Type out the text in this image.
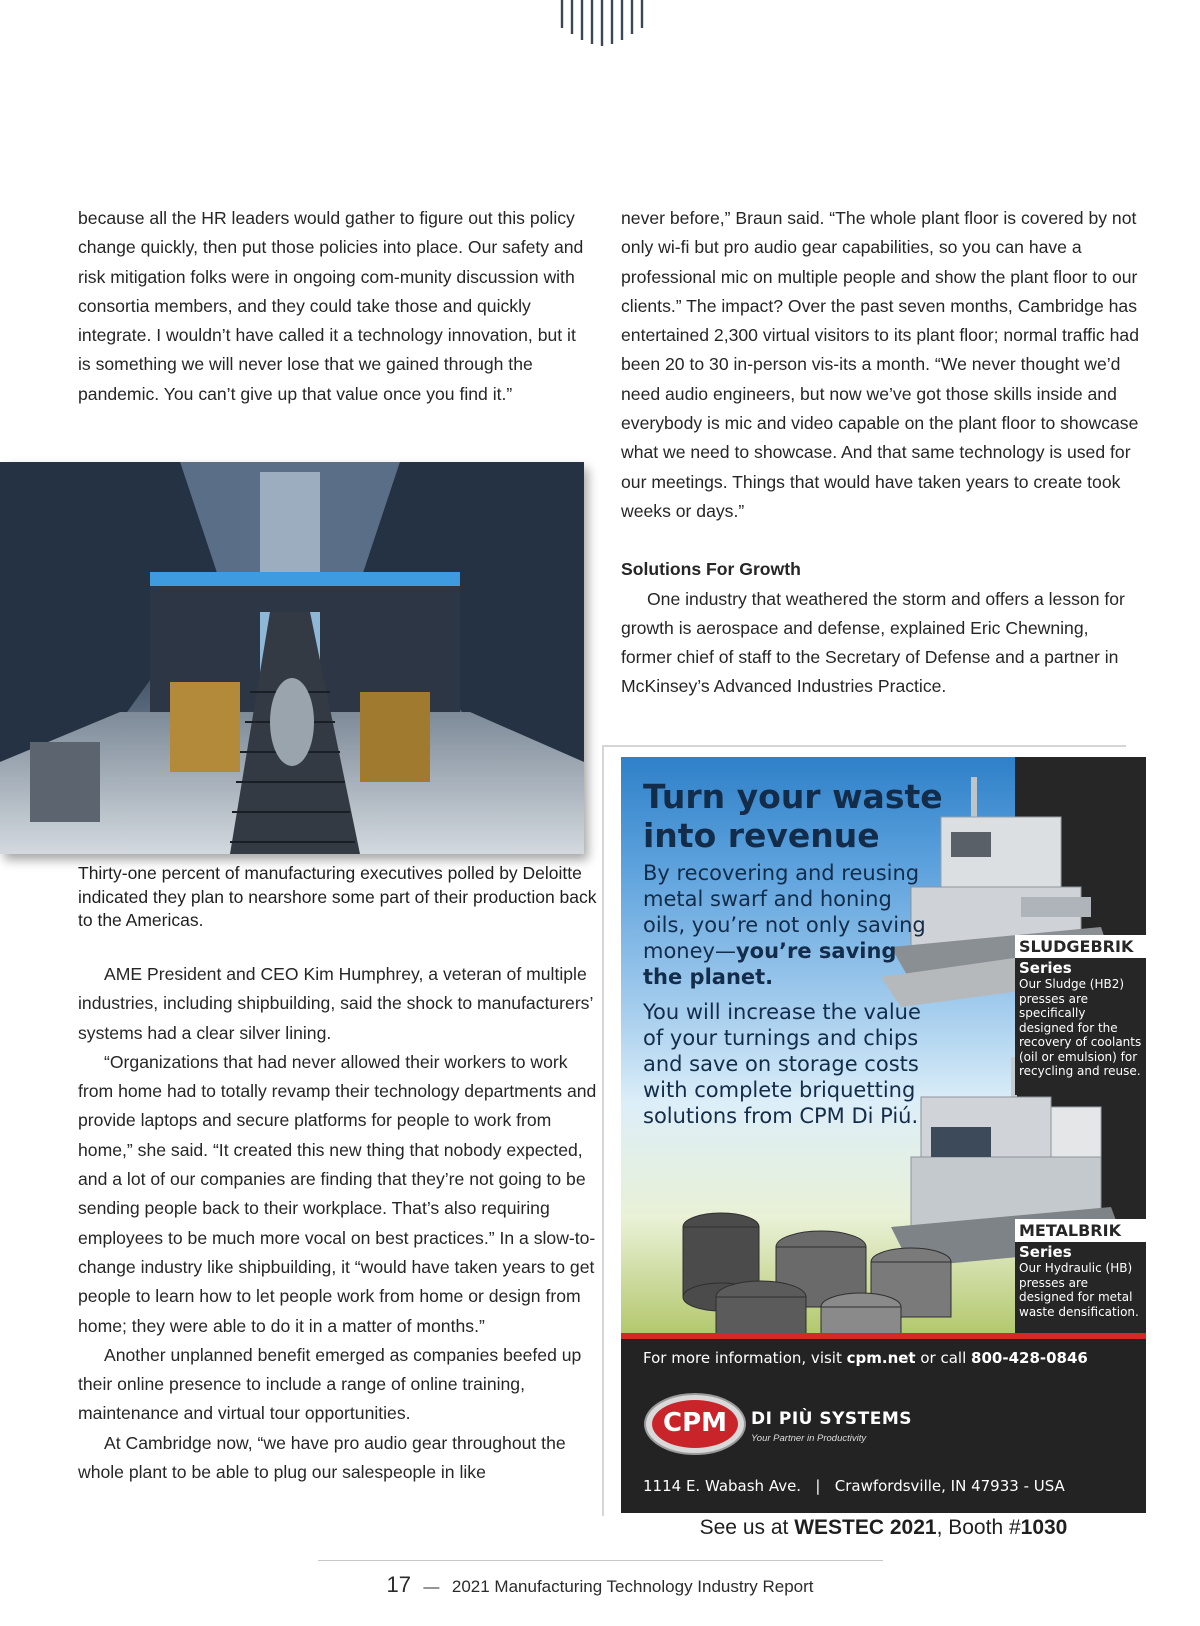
because all the HR leaders would gather to figure out this policy change quickly, then put those policies into place. Our safety and risk mitigation folks were in ongoing com-munity discussion with consortia members, and they could take those and quickly integrate. I wouldn’t have called it a technology innovation, but it is something we will never lose that we gained through the pandemic. You can’t give up that value once you find it.”

never before,” Braun said. “The whole plant floor is covered by not only wi-fi but pro audio gear capabilities, so you can have a professional mic on multiple people and show the plant floor to our clients.” The impact? Over the past seven months, Cambridge has entertained 2,300 virtual visitors to its plant floor; normal traffic had been 20 to 30 in-person vis-its a month. “We never thought we’d need audio engineers, but now we’ve got those skills inside and everybody is mic and video capable on the plant floor to showcase what we need to showcase. And that same technology is used for our meetings. Things that would have taken years to create took weeks or days.”

Solutions For Growth

One industry that weathered the storm and offers a lesson for growth is aerospace and defense, explained Eric Chewning, former chief of staff to the Secretary of Defense and a partner in McKinsey’s Advanced Industries Practice.

Thirty-one percent of manufacturing executives polled by Deloitte indicated they plan to nearshore some part of their production back to the Americas.

AME President and CEO Kim Humphrey, a veteran of multiple industries, including shipbuilding, said the shock to manufacturers’ systems had a clear silver lining.

“Organizations that had never allowed their workers to work from home had to totally revamp their technology departments and provide laptops and secure platforms for people to work from home,” she said. “It created this new thing that nobody expected, and a lot of our companies are finding that they’re not going to be sending people back to their workplace. That’s also requiring employees to be much more vocal on best practices.” In a slow-to-change industry like shipbuilding, it “would have taken years to get people to learn how to let people work from home or design from home; they were able to do it in a matter of months.”

Another unplanned benefit emerged as companies beefed up their online presence to include a range of online training, maintenance and virtual tour opportunities.

At Cambridge now, “we have pro audio gear throughout the whole plant to be able to plug our salespeople in like

Turn your waste
into revenue
By recovering and reusing metal swarf and honing oils, you’re not only saving money—you’re saving the planet.
You will increase the value of your turnings and chips and save on storage costs with complete briquetting solutions from CPM Di Piú.
SLUDGEBRIK
Series
Our Sludge (HB2) presses are specifically designed for the recovery of coolants (oil or emulsion) for recycling and reuse.
METALBRIK
Series
Our Hydraulic (HB) presses are designed for metal waste densification.
For more information, visit cpm.net or call 800-428-0846
CPM	DI PIÙ SYSTEMS
Your Partner in Productivity
1114 E. Wabash Ave.   |   Crawfordsville, IN 47933 - USA
See us at WESTEC 2021, Booth #1030
17 — 2021 Manufacturing Technology Industry Report
